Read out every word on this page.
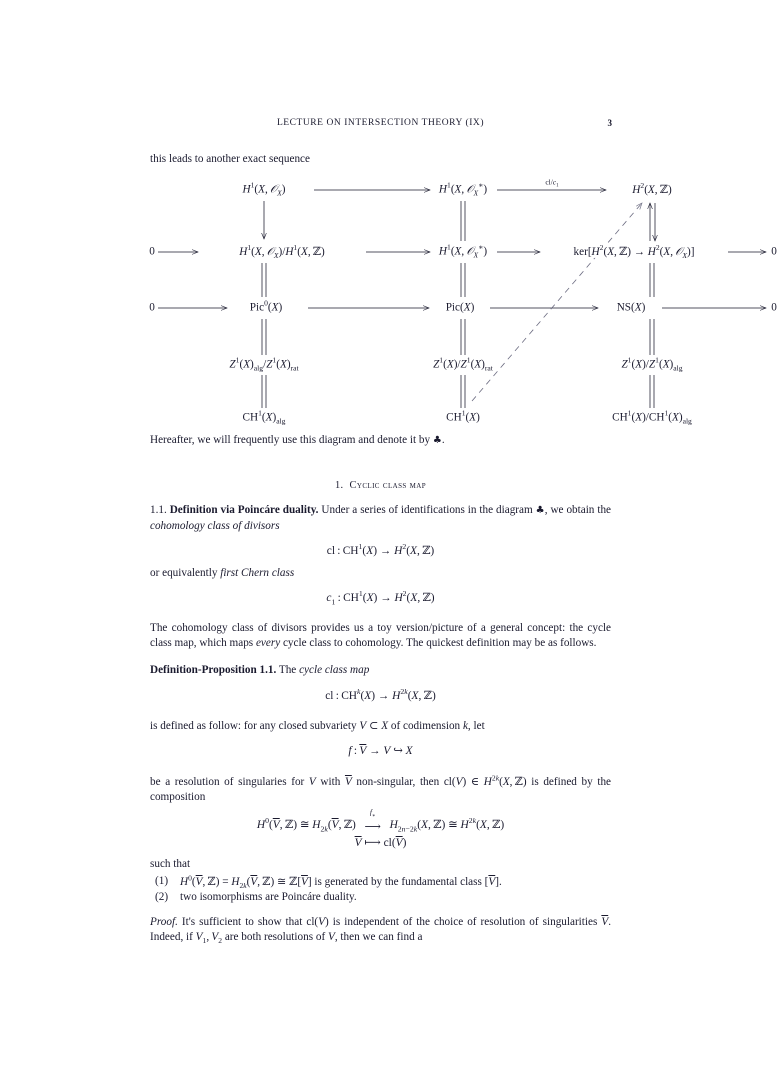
LECTURE ON INTERSECTION THEORY (IX)	3

this leads to another exact sequence

$H^1(X$, 𝒪$_X$)	$H^1(X$, 𝒪$_X$∗)	$H^2(X$, ℤ)
$cl/c_1$
0	$H^1(X$, $𝒪_X)/H^1(X$, ℤ)	$H^1(X$, 𝒪$_X$∗)	$ker[H^2(X$, ℤ) → $H^2(X$, 𝒪$_X$)]	0
0	Pic$^0$(X)	Pic(X)	NS(X)	0
$Z^1(X)_{alg}/Z^1(X)_{rat}$	$Z^1(X)/Z^1(X)_{rat}$	$Z^1(X)/Z^1(X)_{alg}$
$CH^1(X)_{alg}$	$CH^1(X)$	$CH^1(X)/CH^1(X)_{alg}$

Hereafter, we will frequently use this diagram and denote it by ♣.

1. Cyclic class map

1.1. Definition via Poincáre duality. Under a series of identifications in the diagram ♣, we obtain the cohomology class of divisors

cl : $CH^1(X) \to H^2(X$, ℤ)

or equivalently first Chern class

$c_1$ : $CH^1(X) \to H^2(X$, ℤ)

The cohomology class of divisors provides us a toy version/picture of a general concept: the cycle class map, which maps every cycle class to cohomology. The quickest definition may be as follows.

Definition-Proposition 1.1. The cycle class map

cl : $CH^k(X) \to H^{2k}(X$, ℤ)

is defined as follow: for any closed subvariety V ⊂ X of codimension k, let

f : $\overline{V} \to V$ ↪ X

be a resolution of singularies for V with $\overline{V}$ non-singular, then cl(V) ∈ $H^{2k}(X$, ℤ) is defined by the composition

$H^0(\overline{V}$, ℤ) ≅ $H_{2k}(\overline{V}$, ℤ)
$f_∗$
⟶ $H_{2n-2k}(X$, ℤ) ≅ $H^{2k}(X$, ℤ)
$\overline{V}$ ⟼ $cl(\overline{V})$

such that

(1) $H^0(\overline{V}$, ℤ) = $H_{2k}(\overline{V}$, ℤ) ≅ $ℤ[\overline{V}]$ is generated by the fundamental class $[\overline{V}]$.
(2) two isomorphisms are Poincáre duality.

Proof. It's sufficient to show that cl(V) is independent of the choice of resolution of singularities $\overline{V}$. Indeed, if $V_1$, $V_2$ are both resolutions of V, then we can find a
